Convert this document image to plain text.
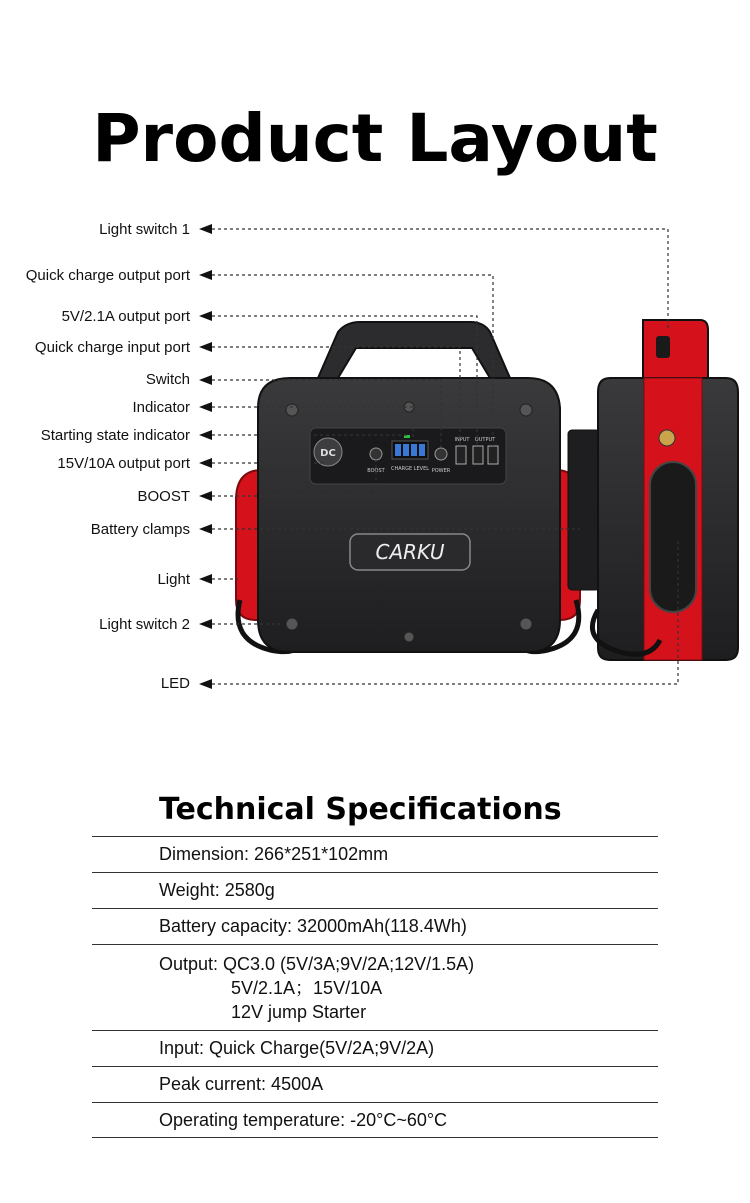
Product Layout
Light switch 1
Quick charge output port
5V/2.1A output port
Quick charge input port
Switch
Indicator
Starting state indicator
15V/10A output port
BOOST
Battery clamps
Light
Light switch 2
LED
DC
BOOST CHARGE LEVEL POWER
INPUT OUTPUT
CARKU
Technical Specifications
Dimension: 266*251*102mm
Weight: 2580g
Battery capacity: 32000mAh(118.4Wh)
Output: QC3.0 (5V/3A;9V/2A;12V/1.5A)
5V/2.1A；15V/10A
12V jump Starter
Input: Quick Charge(5V/2A;9V/2A)
Peak current: 4500A
Operating temperature: -20°C~60°C
